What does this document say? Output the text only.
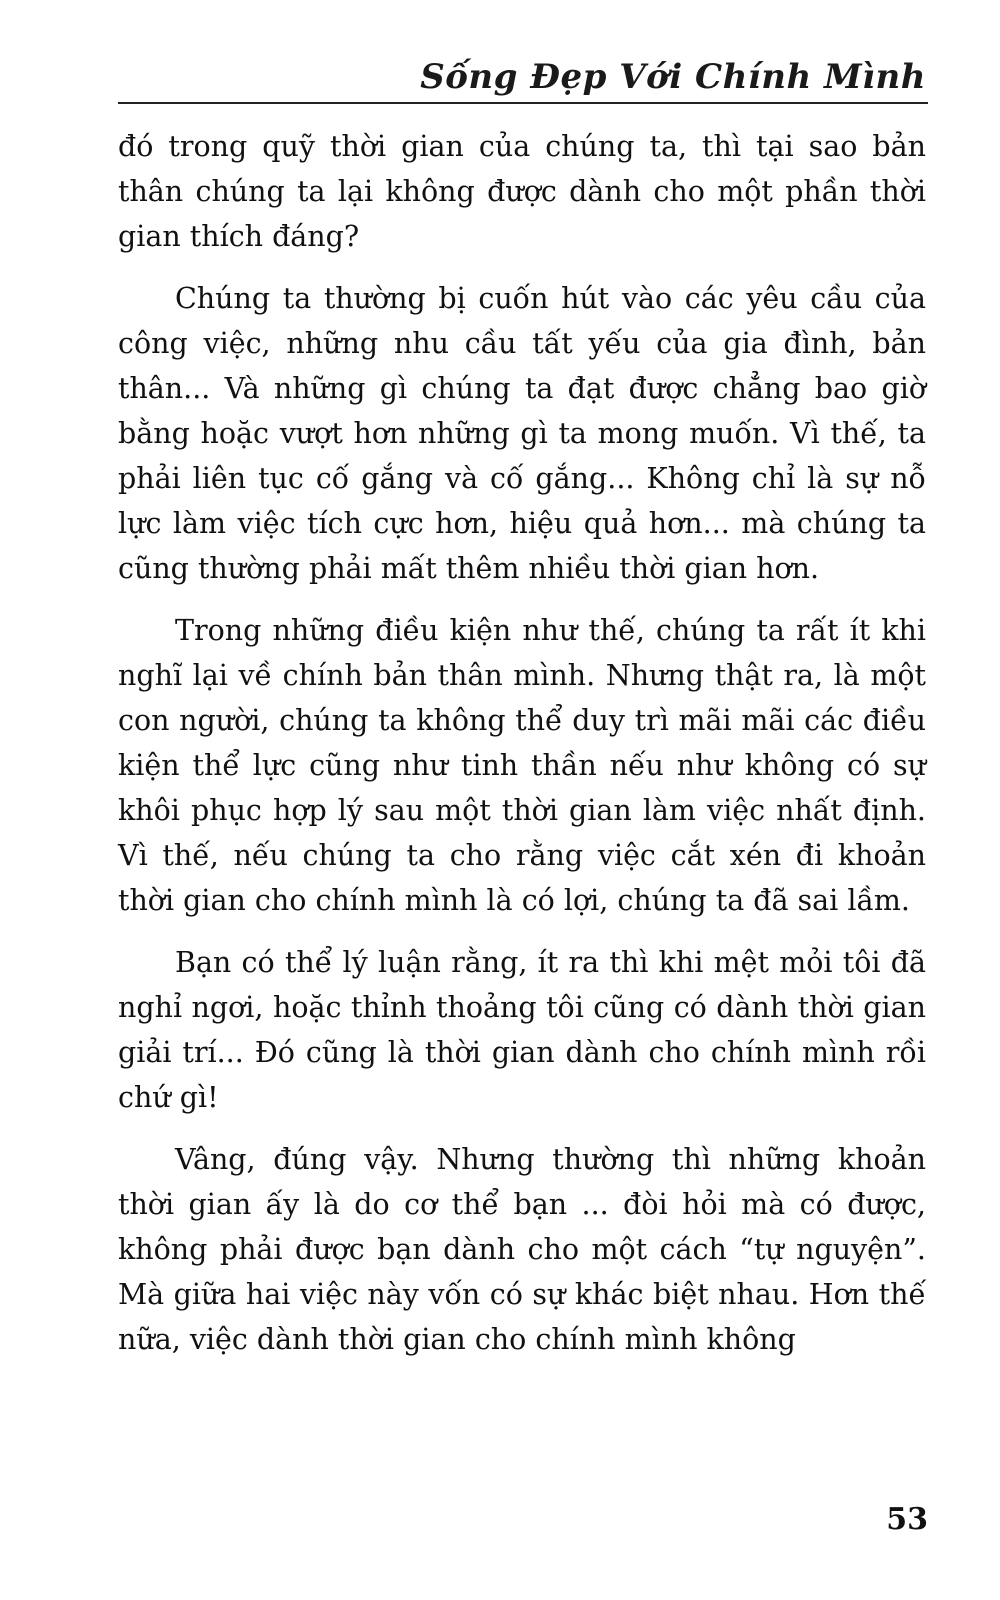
Sống Đẹp Với Chính Mình

đó trong quỹ thời gian của chúng ta, thì tại sao bản thân chúng ta lại không được dành cho một phần thời gian thích đáng?

Chúng ta thường bị cuốn hút vào các yêu cầu của công việc, những nhu cầu tất yếu của gia đình, bản thân... Và những gì chúng ta đạt được chẳng bao giờ bằng hoặc vượt hơn những gì ta mong muốn. Vì thế, ta phải liên tục cố gắng và cố gắng... Không chỉ là sự nỗ lực làm việc tích cực hơn, hiệu quả hơn... mà chúng ta cũng thường phải mất thêm nhiều thời gian hơn.

Trong những điều kiện như thế, chúng ta rất ít khi nghĩ lại về chính bản thân mình. Nhưng thật ra, là một con người, chúng ta không thể duy trì mãi mãi các điều kiện thể lực cũng như tinh thần nếu như không có sự khôi phục hợp lý sau một thời gian làm việc nhất định. Vì thế, nếu chúng ta cho rằng việc cắt xén đi khoản thời gian cho chính mình là có lợi, chúng ta đã sai lầm.

Bạn có thể lý luận rằng, ít ra thì khi mệt mỏi tôi đã nghỉ ngơi, hoặc thỉnh thoảng tôi cũng có dành thời gian giải trí... Đó cũng là thời gian dành cho chính mình rồi chứ gì!

Vâng, đúng vậy. Nhưng thường thì những khoản thời gian ấy là do cơ thể bạn ... đòi hỏi mà có được, không phải được bạn dành cho một cách “tự nguyện”. Mà giữa hai việc này vốn có sự khác biệt nhau. Hơn thế nữa, việc dành thời gian cho chính mình không

53
